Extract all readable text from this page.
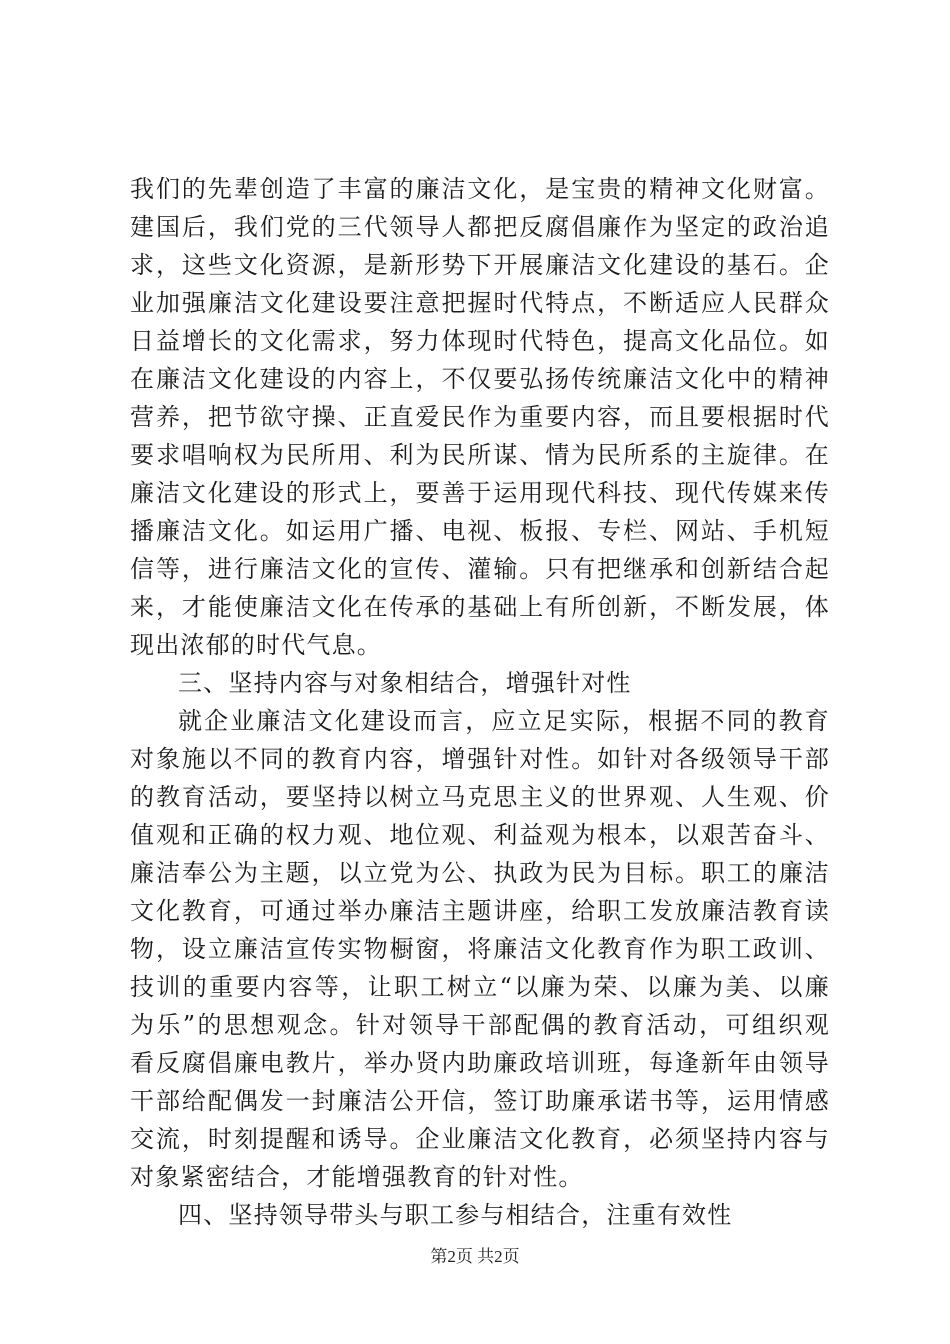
我们的先辈创造了丰富的廉洁文化，是宝贵的精神文化财富。
建国后，我们党的三代领导人都把反腐倡廉作为坚定的政治追
求，这些文化资源，是新形势下开展廉洁文化建设的基石。企
业加强廉洁文化建设要注意把握时代特点，不断适应人民群众
日益增长的文化需求，努力体现时代特色，提高文化品位。如
在廉洁文化建设的内容上，不仅要弘扬传统廉洁文化中的精神
营养，把节欲守操、正直爱民作为重要内容，而且要根据时代
要求唱响权为民所用、利为民所谋、情为民所系的主旋律。在
廉洁文化建设的形式上，要善于运用现代科技、现代传媒来传
播廉洁文化。如运用广播、电视、板报、专栏、网站、手机短
信等，进行廉洁文化的宣传、灌输。只有把继承和创新结合起
来，才能使廉洁文化在传承的基础上有所创新，不断发展，体
现出浓郁的时代气息。
三、坚持内容与对象相结合，增强针对性
就企业廉洁文化建设而言，应立足实际，根据不同的教育
对象施以不同的教育内容，增强针对性。如针对各级领导干部
的教育活动，要坚持以树立马克思主义的世界观、人生观、价
值观和正确的权力观、地位观、利益观为根本，以艰苦奋斗、
廉洁奉公为主题，以立党为公、执政为民为目标。职工的廉洁
文化教育，可通过举办廉洁主题讲座，给职工发放廉洁教育读
物，设立廉洁宣传实物橱窗，将廉洁文化教育作为职工政训、
技训的重要内容等，让职工树立“以廉为荣、以廉为美、以廉
为乐”的思想观念。针对领导干部配偶的教育活动，可组织观
看反腐倡廉电教片，举办贤内助廉政培训班，每逢新年由领导
干部给配偶发一封廉洁公开信，签订助廉承诺书等，运用情感
交流，时刻提醒和诱导。企业廉洁文化教育，必须坚持内容与
对象紧密结合，才能增强教育的针对性。
四、坚持领导带头与职工参与相结合，注重有效性
第2页 共2页
